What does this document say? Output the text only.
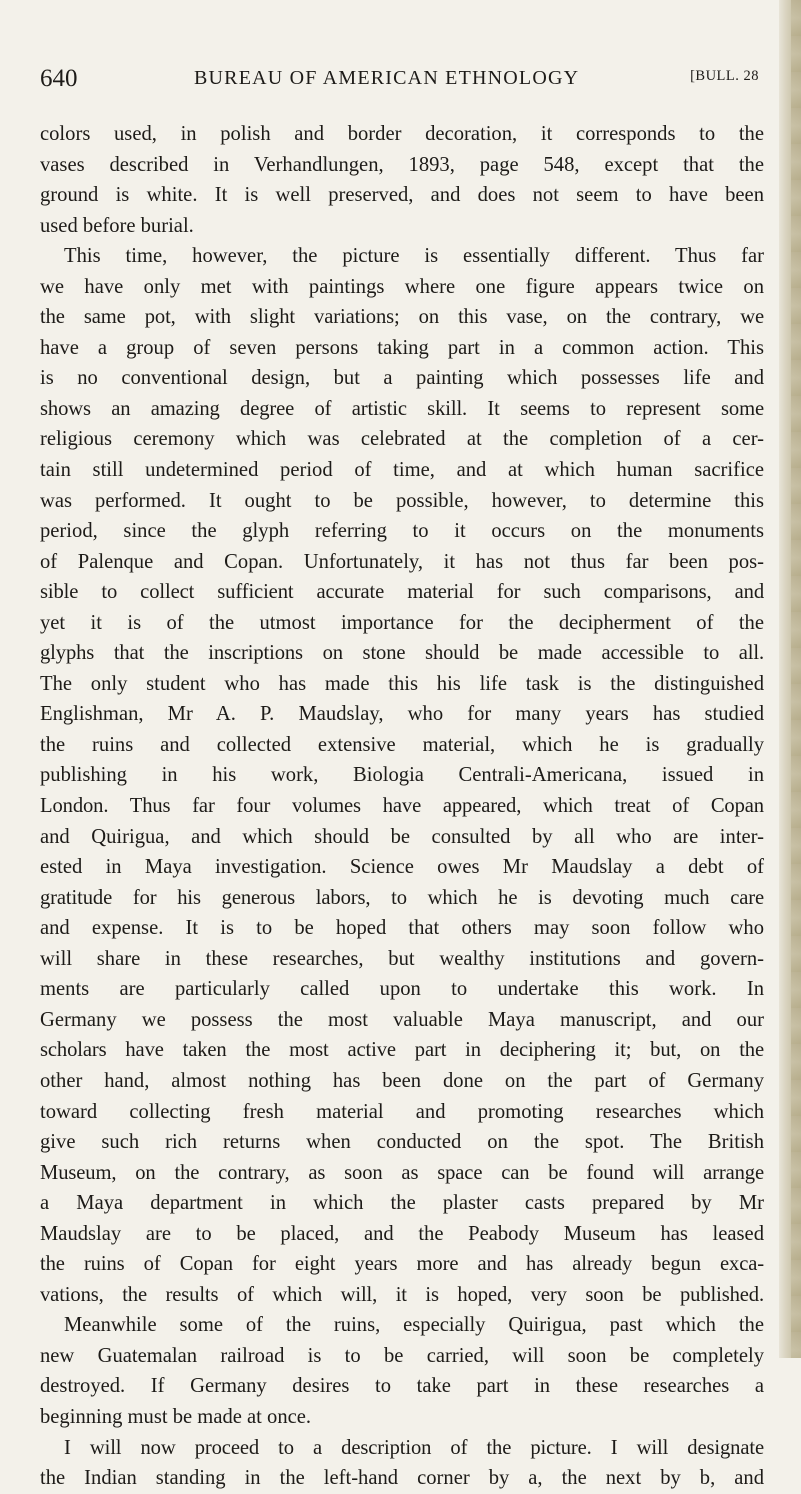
640	BUREAU OF AMERICAN ETHNOLOGY	[BULL. 28
colors used, in polish and border decoration, it corresponds to the
vases described in Verhandlungen, 1893, page 548, except that the
ground is white. It is well preserved, and does not seem to have been
used before burial.
This time, however, the picture is essentially different. Thus far
we have only met with paintings where one figure appears twice on
the same pot, with slight variations; on this vase, on the contrary, we
have a group of seven persons taking part in a common action. This
is no conventional design, but a painting which possesses life and
shows an amazing degree of artistic skill. It seems to represent some
religious ceremony which was celebrated at the completion of a cer-
tain still undetermined period of time, and at which human sacrifice
was performed. It ought to be possible, however, to determine this
period, since the glyph referring to it occurs on the monuments
of Palenque and Copan. Unfortunately, it has not thus far been pos-
sible to collect sufficient accurate material for such comparisons, and
yet it is of the utmost importance for the decipherment of the
glyphs that the inscriptions on stone should be made accessible to all.
The only student who has made this his life task is the distinguished
Englishman, Mr A. P. Maudslay, who for many years has studied
the ruins and collected extensive material, which he is gradually
publishing in his work, Biologia Centrali-Americana, issued in
London. Thus far four volumes have appeared, which treat of Copan
and Quirigua, and which should be consulted by all who are inter-
ested in Maya investigation. Science owes Mr Maudslay a debt of
gratitude for his generous labors, to which he is devoting much care
and expense. It is to be hoped that others may soon follow who
will share in these researches, but wealthy institutions and govern-
ments are particularly called upon to undertake this work. In
Germany we possess the most valuable Maya manuscript, and our
scholars have taken the most active part in deciphering it; but, on the
other hand, almost nothing has been done on the part of Germany
toward collecting fresh material and promoting researches which
give such rich returns when conducted on the spot. The British
Museum, on the contrary, as soon as space can be found will arrange
a Maya department in which the plaster casts prepared by Mr
Maudslay are to be placed, and the Peabody Museum has leased
the ruins of Copan for eight years more and has already begun exca-
vations, the results of which will, it is hoped, very soon be published.
Meanwhile some of the ruins, especially Quirigua, past which the
new Guatemalan railroad is to be carried, will soon be completely
destroyed. If Germany desires to take part in these researches a
beginning must be made at once.
I will now proceed to a description of the picture. I will designate
the Indian standing in the left-hand corner by a, the next by b, and
